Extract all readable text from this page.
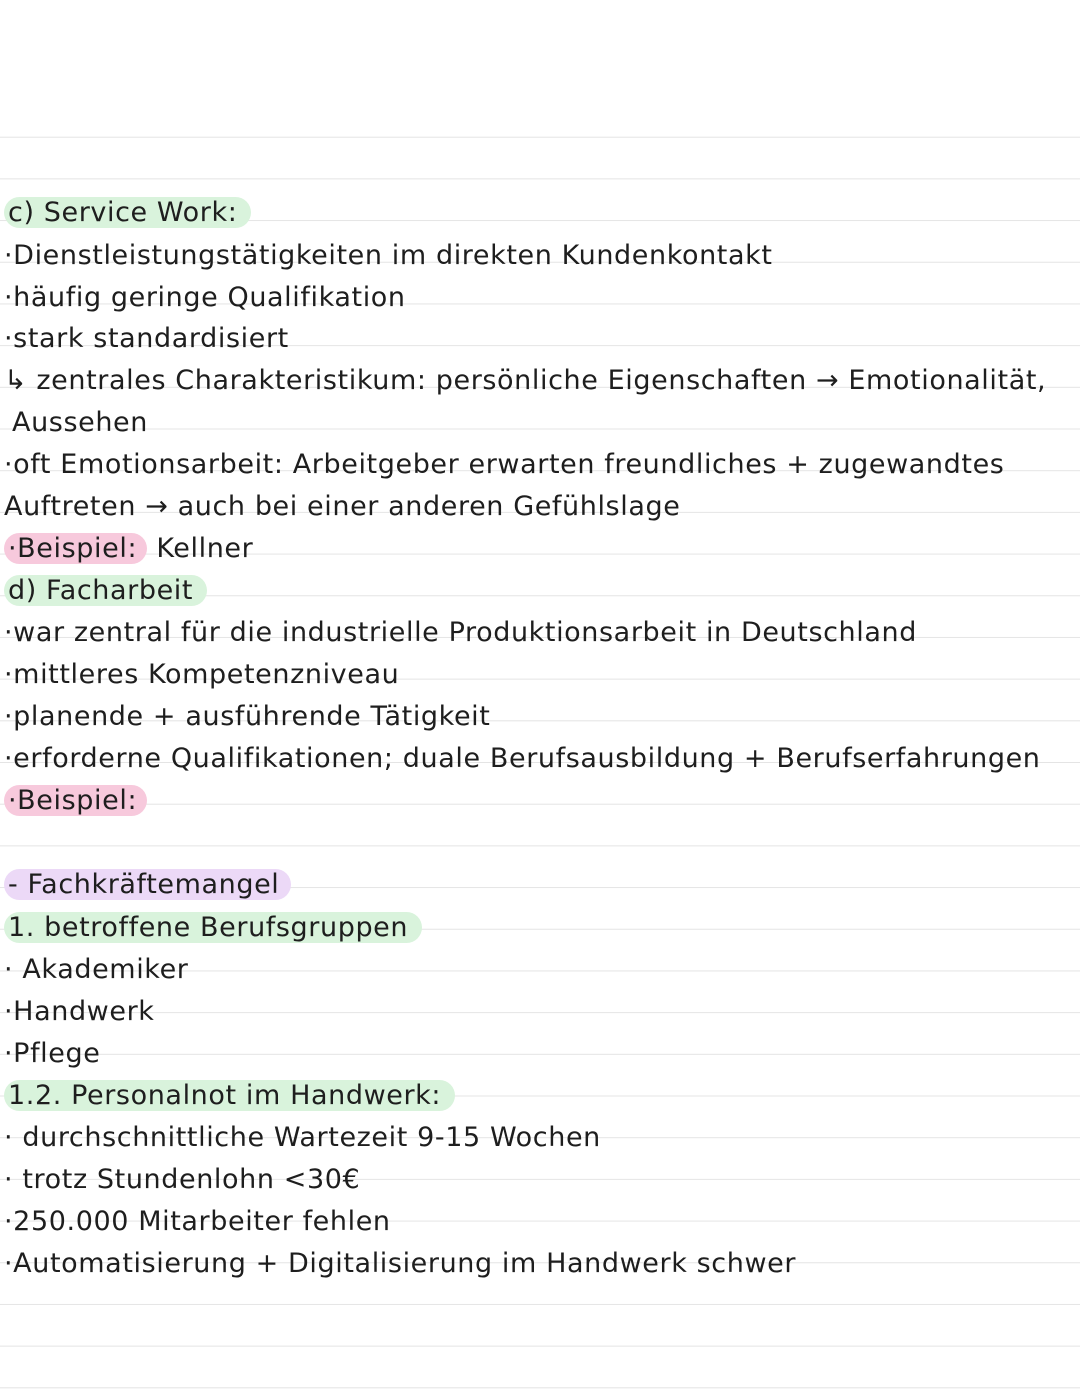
c) Service Work:
·Dienstleistungstätigkeiten im direkten Kundenkontakt
·häufig geringe Qualifikation
·stark standardisiert
↳ zentrales Charakteristikum: persönliche Eigenschaften → Emotionalität,
Aussehen
·oft Emotionsarbeit: Arbeitgeber erwarten freundliches + zugewandtes
Auftreten → auch bei einer anderen Gefühlslage
·Beispiel: Kellner
d) Facharbeit
·war zentral für die industrielle Produktionsarbeit in Deutschland
·mittleres Kompetenzniveau
·planende + ausführende Tätigkeit
·erforderne Qualifikationen; duale Berufsausbildung + Berufserfahrungen
·Beispiel:
- Fachkräftemangel
1. betroffene Berufsgruppen
· Akademiker
·Handwerk
·Pflege
1.2. Personalnot im Handwerk:
· durchschnittliche Wartezeit 9-15 Wochen
· trotz Stundenlohn <30€
·250.000 Mitarbeiter fehlen
·Automatisierung + Digitalisierung im Handwerk schwer
